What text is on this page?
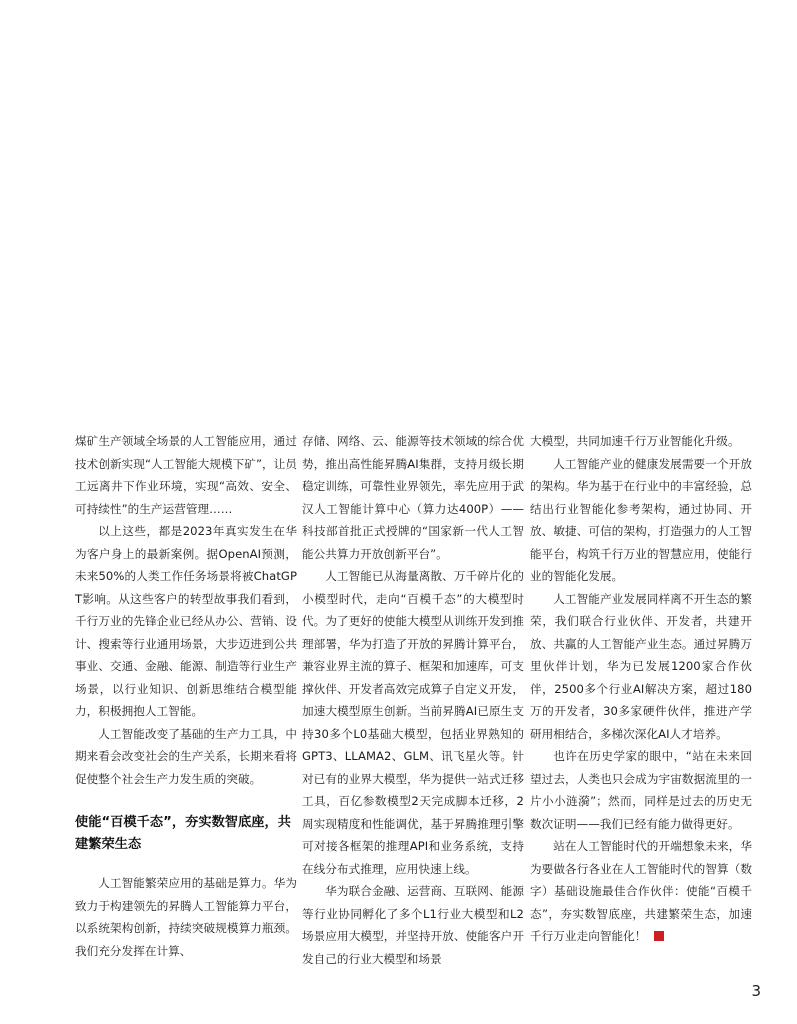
煤矿生产领域全场景的人工智能应用，通过技术创新实现“人工智能大规模下矿”，让员工远离井下作业环境，实现“高效、安全、可持续性”的生产运营管理……

以上这些，都是2023年真实发生在华为客户身上的最新案例。据OpenAI预测，未来50%的人类工作任务场景将被ChatGPT影响。从这些客户的转型故事我们看到，千行万业的先锋企业已经从办公、营销、设计、搜索等行业通用场景，大步迈进到公共事业、交通、金融、能源、制造等行业生产场景，以行业知识、创新思维结合模型能力，积极拥抱人工智能。

人工智能改变了基础的生产力工具，中期来看会改变社会的生产关系，长期来看将促使整个社会生产力发生质的突破。

使能“百模千态”，夯实数智底座，共建繁荣生态

人工智能繁荣应用的基础是算力。华为致力于构建领先的昇腾人工智能算力平台，以系统架构创新，持续突破规模算力瓶颈。我们充分发挥在计算、

存储、网络、云、能源等技术领域的综合优势，推出高性能昇腾AI集群，支持月级长期稳定训练，可靠性业界领先，率先应用于武汉人工智能计算中心（算力达400P）——科技部首批正式授牌的“国家新一代人工智能公共算力开放创新平台”。

人工智能已从海量离散、万千碎片化的小模型时代，走向“百模千态”的大模型时代。为了更好的使能大模型从训练开发到推理部署，华为打造了开放的昇腾计算平台，兼容业界主流的算子、框架和加速库，可支撑伙伴、开发者高效完成算子自定义开发，加速大模型原生创新。当前昇腾AI已原生支持30多个L0基础大模型，包括业界熟知的GPT3、LLAMA2、GLM、讯飞星火等。针对已有的业界大模型，华为提供一站式迁移工具，百亿参数模型2天完成脚本迁移，2周实现精度和性能调优，基于昇腾推理引擎可对接各框架的推理API和业务系统，支持在线分布式推理，应用快速上线。

华为联合金融、运营商、互联网、能源等行业协同孵化了多个L1行业大模型和L2场景应用大模型，并坚持开放、使能客户开发自己的行业大模型和场景

大模型，共同加速千行万业智能化升级。

人工智能产业的健康发展需要一个开放的架构。华为基于在行业中的丰富经验，总结出行业智能化参考架构，通过协同、开放、敏捷、可信的架构，打造强力的人工智能平台，构筑千行万业的智慧应用，使能行业的智能化发展。

人工智能产业发展同样离不开生态的繁荣，我们联合行业伙伴、开发者，共建开放、共赢的人工智能产业生态。通过昇腾万里伙伴计划，华为已发展1200家合作伙伴，2500多个行业AI解决方案，超过180万的开发者，30多家硬件伙伴，推进产学研用相结合，多梯次深化AI人才培养。

也许在历史学家的眼中，“站在未来回望过去，人类也只会成为宇宙数据流里的一片小小涟漪”；然而，同样是过去的历史无数次证明——我们已经有能力做得更好。

站在人工智能时代的开端想象未来，华为要做各行各业在人工智能时代的智算（数字）基础设施最佳合作伙伴：使能“百模千态”，夯实数智底座，共建繁荣生态，加速千行万业走向智能化！

3
